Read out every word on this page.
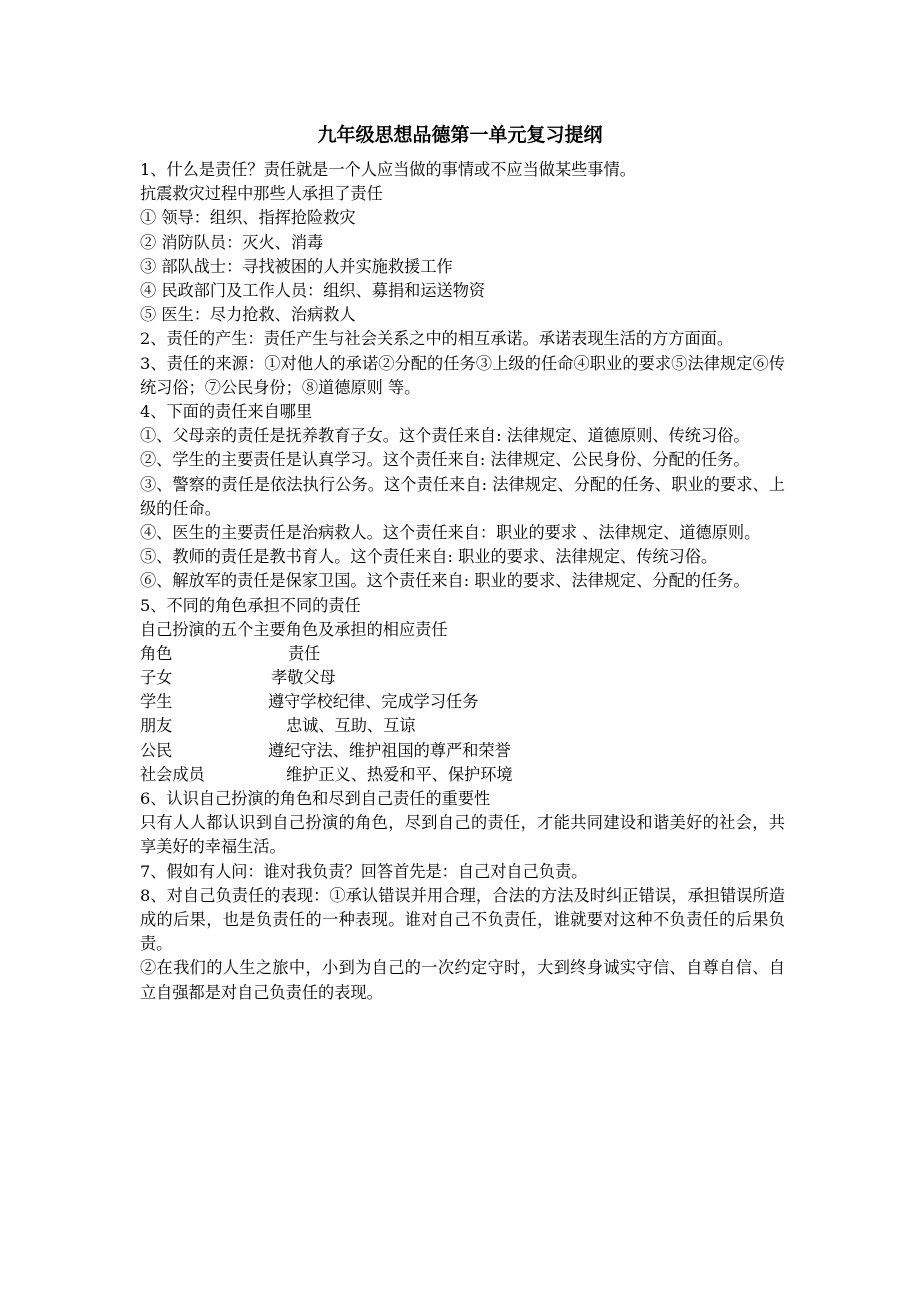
九年级思想品德第一单元复习提纲
1、什么是责任？责任就是一个人应当做的事情或不应当做某些事情。
抗震救灾过程中那些人承担了责任
① 领导：组织、指挥抢险救灾
② 消防队员：灭火、消毒
③ 部队战士：寻找被困的人并实施救援工作
④ 民政部门及工作人员：组织、募捐和运送物资
⑤ 医生：尽力抢救、治病救人
2、责任的产生：责任产生与社会关系之中的相互承诺。承诺表现生活的方方面面。
3、责任的来源：①对他人的承诺②分配的任务③上级的任命④职业的要求⑤法律规定⑥传统习俗；⑦公民身份；⑧道德原则 等。
4、下面的责任来自哪里
①、父母亲的责任是抚养教育子女。这个责任来自: 法律规定、道德原则、传统习俗。
②、学生的主要责任是认真学习。这个责任来自: 法律规定、公民身份、分配的任务。
③、警察的责任是依法执行公务。这个责任来自: 法律规定、分配的任务、职业的要求、上级的任命。
④、医生的主要责任是治病救人。这个责任来自：职业的要求 、法律规定、道德原则。
⑤、教师的责任是教书育人。这个责任来自: 职业的要求、法律规定、传统习俗。
⑥、解放军的责任是保家卫国。这个责任来自: 职业的要求、法律规定、分配的任务。
5、不同的角色承担不同的责任
自己扮演的五个主要角色及承担的相应责任
角色	责任
子女	孝敬父母
学生	遵守学校纪律、完成学习任务
朋友	忠诚、互助、互谅
公民	遵纪守法、维护祖国的尊严和荣誉
社会成员	维护正义、热爱和平、保护环境
6、认识自己扮演的角色和尽到自己责任的重要性
只有人人都认识到自己扮演的角色，尽到自己的责任，才能共同建设和谐美好的社会，共享美好的幸福生活。
7、假如有人问：谁对我负责？回答首先是：自己对自己负责。
8、对自己负责任的表现：①承认错误并用合理，合法的方法及时纠正错误，承担错误所造成的后果，也是负责任的一种表现。谁对自己不负责任，谁就要对这种不负责任的后果负责。
②在我们的人生之旅中，小到为自己的一次约定守时，大到终身诚实守信、自尊自信、自立自强都是对自己负责任的表现。
